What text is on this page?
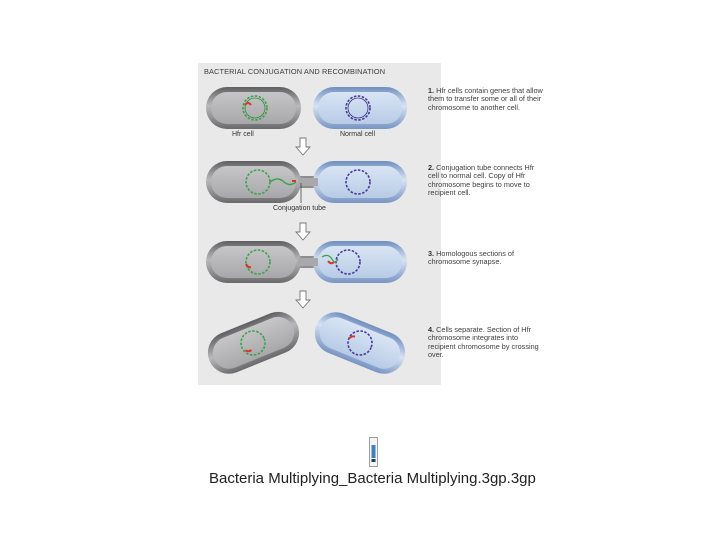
BACTERIAL CONJUGATION AND RECOMBINATION
Hfr cell	Normal cell
Conjugation tube
1. Hfr cells contain genes that allow them to transfer some or all of their chromosome to another cell.
2. Conjugation tube connects Hfr cell to normal cell. Copy of Hfr chromosome begins to move to recipient cell.
3. Homologous sections of chromosome synapse.
4. Cells separate. Section of Hfr chromosome integrates into recipient chromosome by crossing over.
Bacteria Multiplying_Bacteria Multiplying.3gp.3gp
